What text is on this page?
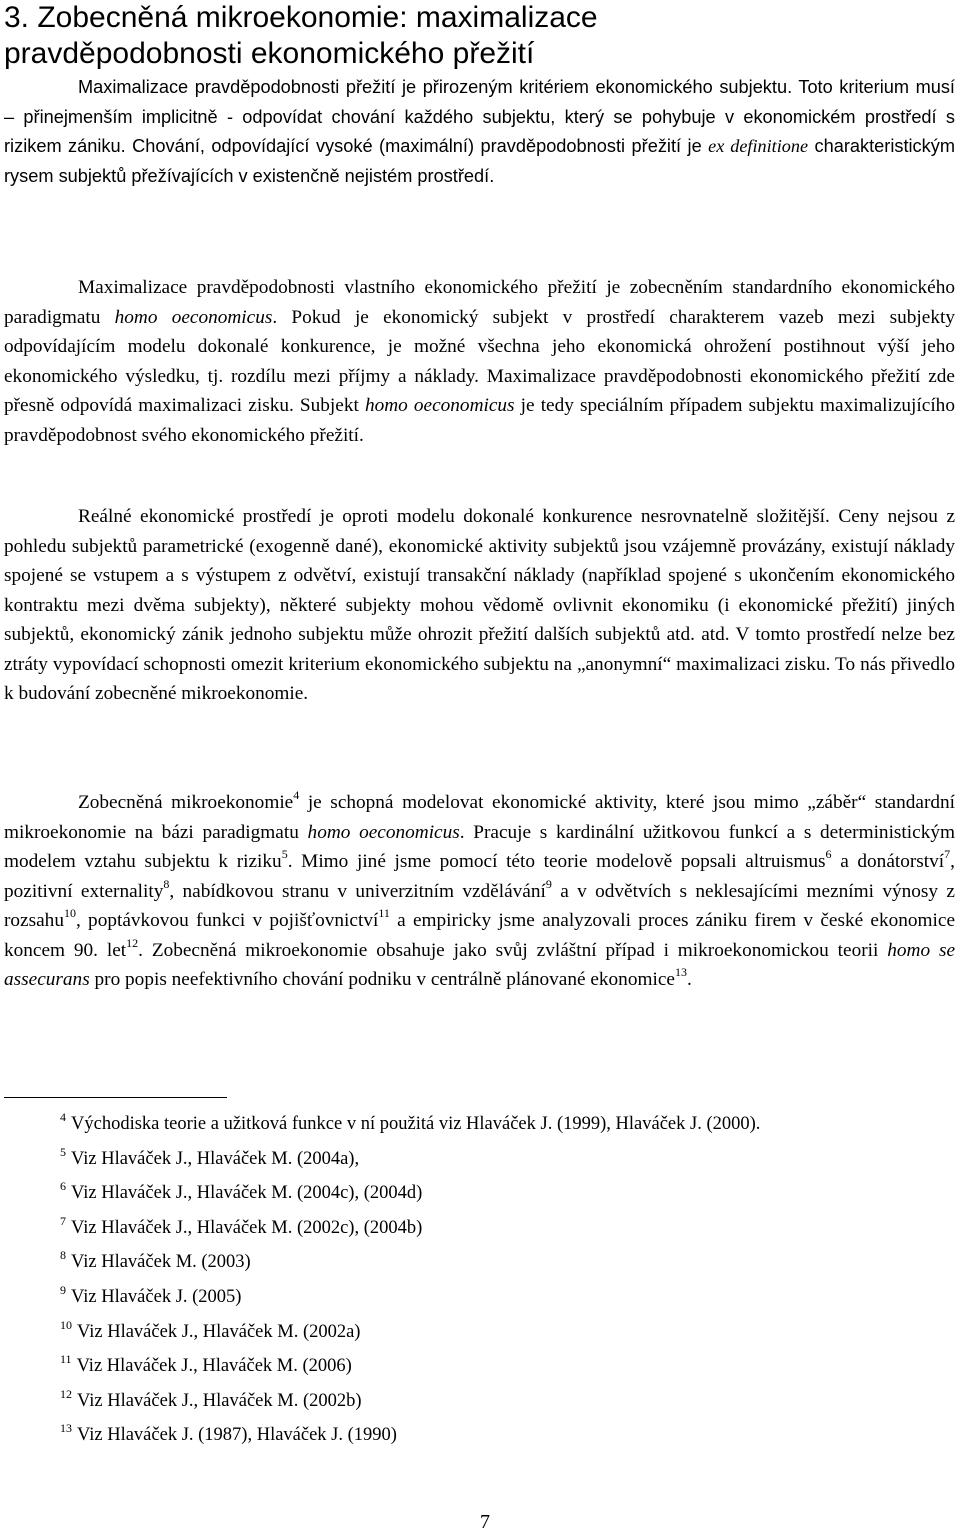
3. Zobecněná mikroekonomie: maximalizace
pravděpodobnosti ekonomického přežití

Maximalizace pravděpodobnosti přežití je přirozeným kritériem ekonomického subjektu. Toto kriterium musí – přinejmenším implicitně - odpovídat chování každého subjektu, který se pohybuje v ekonomickém prostředí s rizikem zániku. Chování, odpovídající vysoké (maximální) pravděpodobnosti přežití je ex definitione charakteristickým rysem subjektů přežívajících v existenčně nejistém prostředí.

Maximalizace pravděpodobnosti vlastního ekonomického přežití je zobecněním standardního ekonomického paradigmatu homo oeconomicus. Pokud je ekonomický subjekt v prostředí charakterem vazeb mezi subjekty odpovídajícím modelu dokonalé konkurence, je možné všechna jeho ekonomická ohrožení postihnout výší jeho ekonomického výsledku, tj. rozdílu mezi příjmy a náklady. Maximalizace pravděpodobnosti ekonomického přežití zde přesně odpovídá maximalizaci zisku. Subjekt homo oeconomicus je tedy speciálním případem subjektu maximalizujícího pravděpodobnost svého ekonomického přežití.

Reálné ekonomické prostředí je oproti modelu dokonalé konkurence nesrovnatelně složitější. Ceny nejsou z pohledu subjektů parametrické (exogenně dané), ekonomické aktivity subjektů jsou vzájemně provázány, existují náklady spojené se vstupem a s výstupem z odvětví, existují transakční náklady (například spojené s ukončením ekonomického kontraktu mezi dvěma subjekty), některé subjekty mohou vědomě ovlivnit ekonomiku (i ekonomické přežití) jiných subjektů, ekonomický zánik jednoho subjektu může ohrozit přežití dalších subjektů atd. atd. V tomto prostředí nelze bez ztráty vypovídací schopnosti omezit kriterium ekonomického subjektu na „anonymní“ maximalizaci zisku. To nás přivedlo k budování zobecněné mikroekonomie.

Zobecněná mikroekonomie$^4$ je schopná modelovat ekonomické aktivity, které jsou mimo „záběr“ standardní mikroekonomie na bázi paradigmatu homo oeconomicus. Pracuje s kardinální užitkovou funkcí a s deterministickým modelem vztahu subjektu k riziku$^5$. Mimo jiné jsme pomocí této teorie modelově popsali altruismus$^6$ a donátorství$^7$, pozitivní externality$^8$, nabídkovou stranu v univerzitním vzdělávání$^9$ a v odvětvích s neklesajícími mezními výnosy z rozsahu$^{10}$, poptávkovou funkci v pojišťovnictví$^{11}$ a empiricky jsme analyzovali proces zániku firem v české ekonomice koncem 90. let$^{12}$. Zobecněná mikroekonomie obsahuje jako svůj zvláštní případ i mikroekonomickou teorii homo se assecurans pro popis neefektivního chování podniku v centrálně plánované ekonomice$^{13}$.

$^4$ Východiska teorie a užitková funkce v ní použitá viz Hlaváček J. (1999), Hlaváček J. (2000).
$^5$ Viz Hlaváček J., Hlaváček M. (2004a),
$^6$ Viz Hlaváček J., Hlaváček M. (2004c), (2004d)
$^7$ Viz Hlaváček J., Hlaváček M. (2002c), (2004b)
$^8$ Viz Hlaváček M. (2003)
$^9$ Viz Hlaváček J. (2005)
$^{10}$ Viz Hlaváček J., Hlaváček M. (2002a)
$^{11}$ Viz Hlaváček J., Hlaváček M. (2006)
$^{12}$ Viz Hlaváček J., Hlaváček M. (2002b)
$^{13}$ Viz Hlaváček J. (1987), Hlaváček J. (1990)
7
